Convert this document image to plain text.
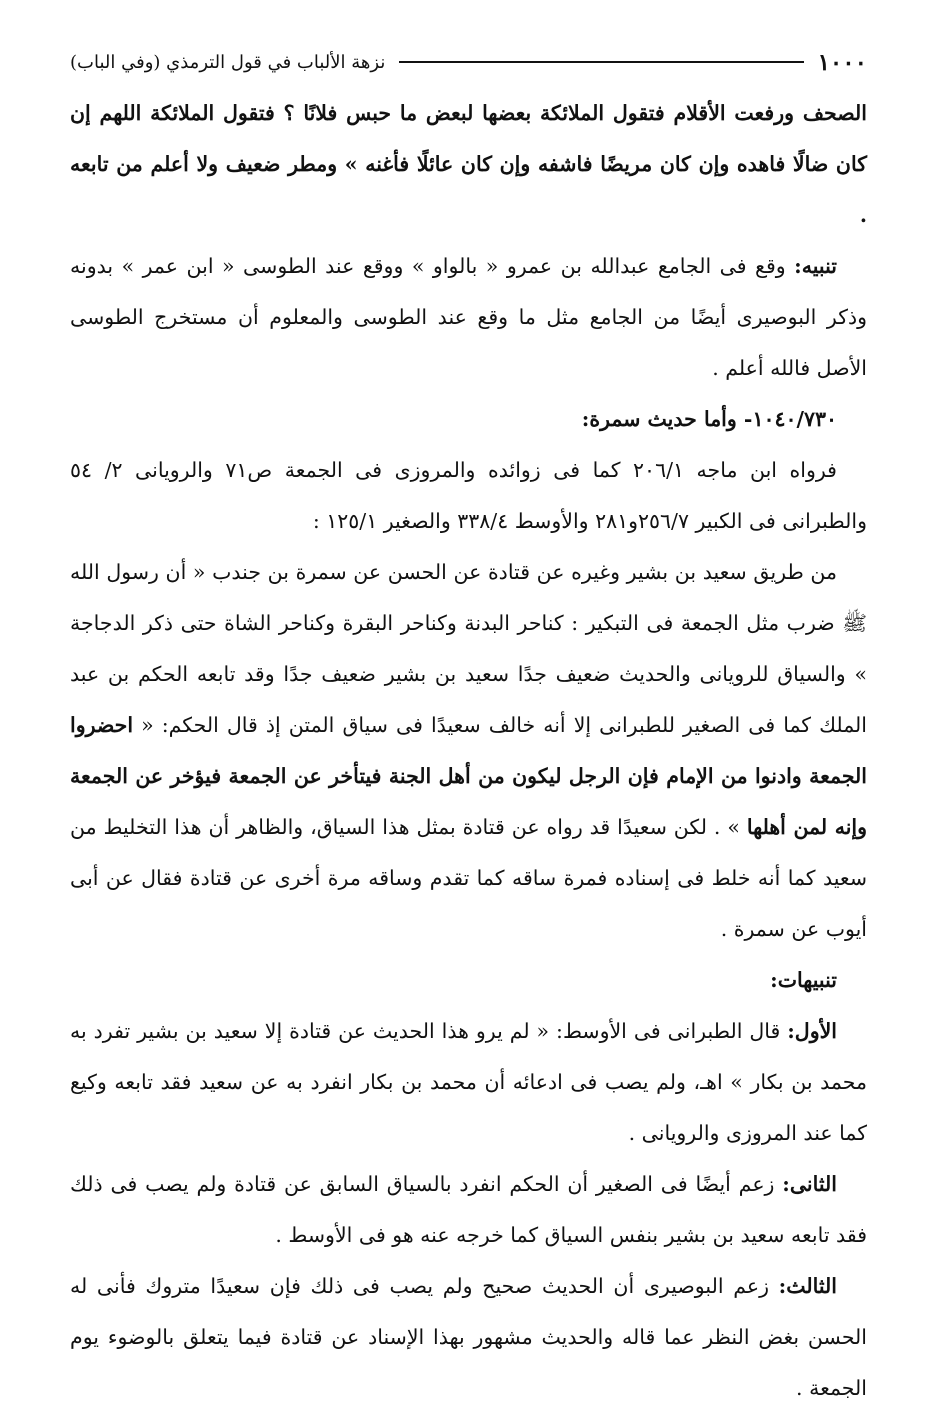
١٠٠٠
نزهة الألباب في قول الترمذي (وفي الباب)

الصحف ورفعت الأقلام فتقول الملائكة بعضها لبعض ما حبس فلانًا ؟ فتقول الملائكة اللهم إن كان ضالًا فاهده وإن كان مريضًا فاشفه وإن كان عائلًا فأغنه » ومطر ضعيف ولا أعلم من تابعه .

تنبيه: وقع فى الجامع عبدالله بن عمرو « بالواو » ووقع عند الطوسى « ابن عمر » بدونه وذكر البوصيرى أيضًا من الجامع مثل ما وقع عند الطوسى والمعلوم أن مستخرج الطوسى الأصل فالله أعلم .

١٠٤٠/٧٣٠- وأما حديث سمرة:

فرواه ابن ماجه ٢٠٦/١ كما فى زوائده والمروزى فى الجمعة ص٧١ والرويانى ٢/ ٥٤ والطبرانى فى الكبير ٢٥٦/٧و٢٨١ والأوسط ٣٣٨/٤ والصغير ١٢٥/١ :

من طريق سعيد بن بشير وغيره عن قتادة عن الحسن عن سمرة بن جندب « أن رسول الله ﷺ ضرب مثل الجمعة فى التبكير : كناحر البدنة وكناحر البقرة وكناحر الشاة حتى ذكر الدجاجة » والسياق للرويانى والحديث ضعيف جدًا سعيد بن بشير ضعيف جدًا وقد تابعه الحكم بن عبد الملك كما فى الصغير للطبرانى إلا أنه خالف سعيدًا فى سياق المتن إذ قال الحكم: « احضروا الجمعة وادنوا من الإمام فإن الرجل ليكون من أهل الجنة فيتأخر عن الجمعة فيؤخر عن الجمعة وإنه لمن أهلها » . لكن سعيدًا قد رواه عن قتادة بمثل هذا السياق، والظاهر أن هذا التخليط من سعيد كما أنه خلط فى إسناده فمرة ساقه كما تقدم وساقه مرة أخرى عن قتادة فقال عن أبى أيوب عن سمرة .

تنبيهات:

الأول: قال الطبرانى فى الأوسط: « لم يرو هذا الحديث عن قتادة إلا سعيد بن بشير تفرد به محمد بن بكار » اهـ، ولم يصب فى ادعائه أن محمد بن بكار انفرد به عن سعيد فقد تابعه وكيع كما عند المروزى والرويانى .

الثانى: زعم أيضًا فى الصغير أن الحكم انفرد بالسياق السابق عن قتادة ولم يصب فى ذلك فقد تابعه سعيد بن بشير بنفس السياق كما خرجه عنه هو فى الأوسط .

الثالث: زعم البوصيرى أن الحديث صحيح ولم يصب فى ذلك فإن سعيدًا متروك فأنى له الحسن بغض النظر عما قاله والحديث مشهور بهذا الإسناد عن قتادة فيما يتعلق بالوضوء يوم الجمعة .
